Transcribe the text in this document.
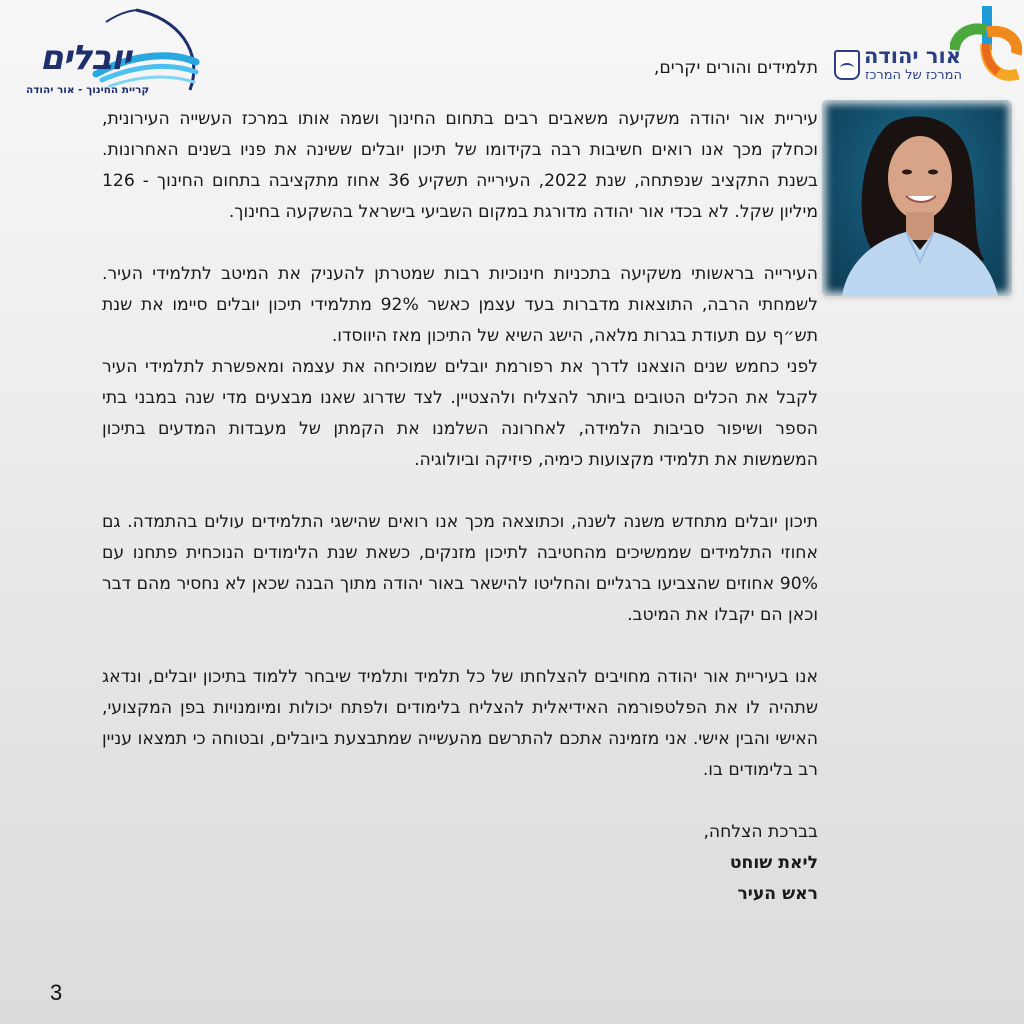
יובלים
קריית החינוך - אור יהודה
אור יהודה
המרכז של המרכז

תלמידים והורים יקרים,

עיריית אור יהודה משקיעה משאבים רבים בתחום החינוך ושמה אותו במרכז העשייה העירונית, וכחלק מכך אנו רואים חשיבות רבה בקידומו של תיכון יובלים ששינה את פניו בשנים האחרונות. בשנת התקציב שנפתחה, שנת 2022, העירייה תשקיע 36 אחוז מתקציבה בתחום החינוך - 126 מיליון שקל. לא בכדי אור יהודה מדורגת במקום השביעי בישראל בהשקעה בחינוך.

העירייה בראשותי משקיעה בתכניות חינוכיות רבות שמטרתן להעניק את המיטב לתלמידי העיר. לשמחתי הרבה, התוצאות מדברות בעד עצמן כאשר 92% מתלמידי תיכון יובלים סיימו את שנת תש״ף עם תעודת בגרות מלאה, הישג השיא של התיכון מאז היווסדו.

לפני כחמש שנים הוצאנו לדרך את רפורמת יובלים שמוכיחה את עצמה ומאפשרת לתלמידי העיר לקבל את הכלים הטובים ביותר להצליח ולהצטיין. לצד שדרוג שאנו מבצעים מדי שנה במבני בתי הספר ושיפור סביבות הלמידה, לאחרונה השלמנו את הקמתן של מעבדות המדעים בתיכון המשמשות את תלמידי מקצועות כימיה, פיזיקה וביולוגיה.

תיכון יובלים מתחדש משנה לשנה, וכתוצאה מכך אנו רואים שהישגי התלמידים עולים בהתמדה. גם אחוזי התלמידים שממשיכים מהחטיבה לתיכון מזנקים, כשאת שנת הלימודים הנוכחית פתחנו עם 90% אחוזים שהצביעו ברגליים והחליטו להישאר באור יהודה מתוך הבנה שכאן לא נחסיר מהם דבר וכאן הם יקבלו את המיטב.

אנו בעיריית אור יהודה מחויבים להצלחתו של כל תלמיד ותלמיד שיבחר ללמוד בתיכון יובלים, ונדאג שתהיה לו את הפלטפורמה האידיאלית להצליח בלימודים ולפתח יכולות ומיומנויות בפן המקצועי, האישי והבין אישי. אני מזמינה אתכם להתרשם מהעשייה שמתבצעת ביובלים, ובטוחה כי תמצאו עניין רב בלימודים בו.

בברכת הצלחה,
ליאת שוחט
ראש העיר
3
